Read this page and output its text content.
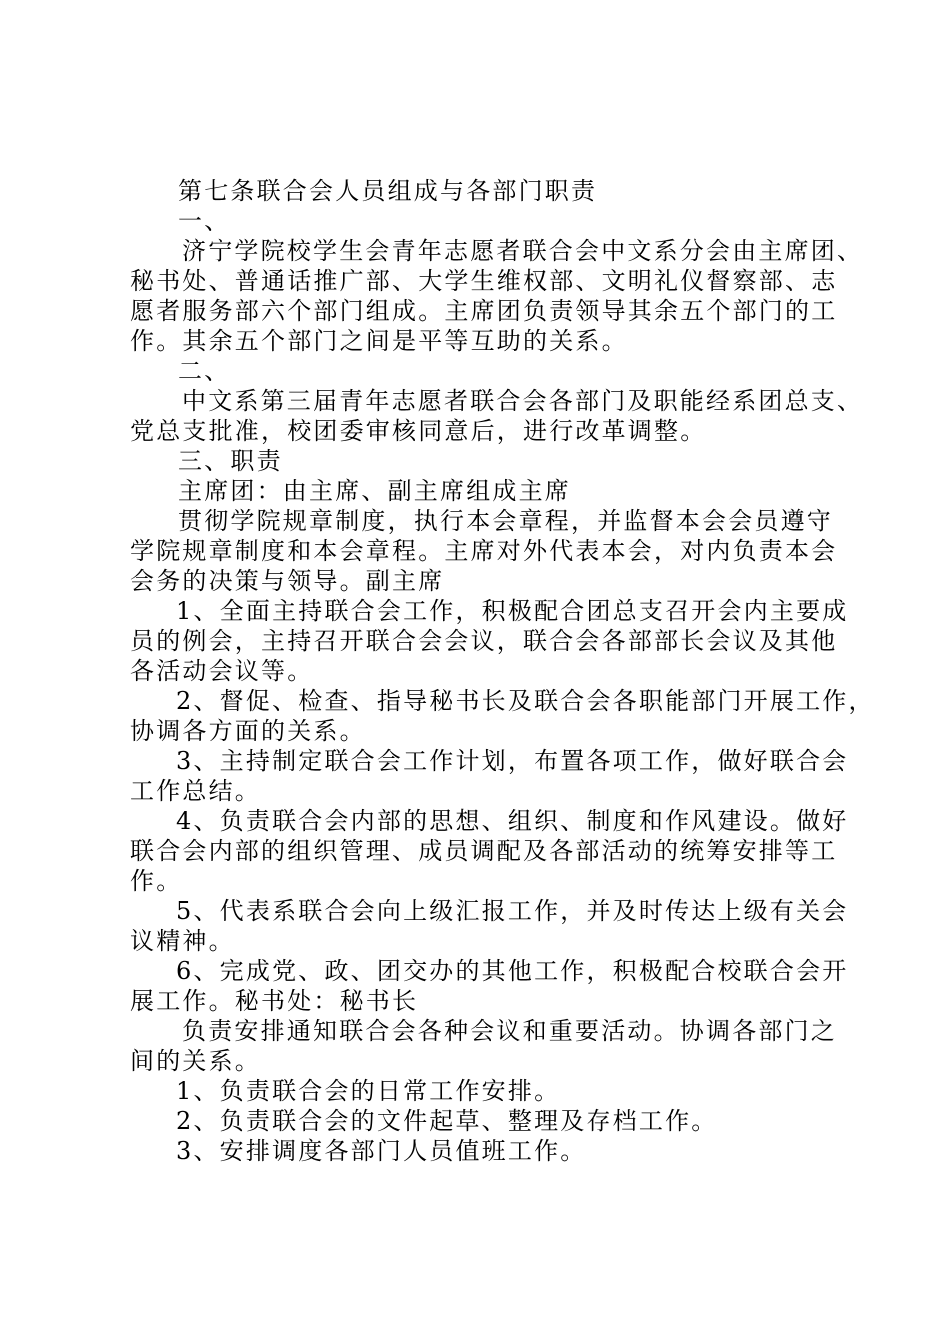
第七条联合会人员组成与各部门职责
一、
济宁学院校学生会青年志愿者联合会中文系分会由主席团、
秘书处、普通话推广部、大学生维权部、文明礼仪督察部、志
愿者服务部六个部门组成。主席团负责领导其余五个部门的工
作。其余五个部门之间是平等互助的关系。
二、
中文系第三届青年志愿者联合会各部门及职能经系团总支、
党总支批准，校团委审核同意后，进行改革调整。
三、职责
主席团：由主席、副主席组成主席
贯彻学院规章制度，执行本会章程，并监督本会会员遵守
学院规章制度和本会章程。主席对外代表本会，对内负责本会
会务的决策与领导。副主席
1、全面主持联合会工作，积极配合团总支召开会内主要成
员的例会，主持召开联合会会议，联合会各部部长会议及其他
各活动会议等。
2、督促、检查、指导秘书长及联合会各职能部门开展工作，
协调各方面的关系。
3、主持制定联合会工作计划，布置各项工作，做好联合会
工作总结。
4、负责联合会内部的思想、组织、制度和作风建设。做好
联合会内部的组织管理、成员调配及各部活动的统筹安排等工
作。
5、代表系联合会向上级汇报工作，并及时传达上级有关会
议精神。
6、完成党、政、团交办的其他工作，积极配合校联合会开
展工作。秘书处：秘书长
负责安排通知联合会各种会议和重要活动。协调各部门之
间的关系。
1、负责联合会的日常工作安排。
2、负责联合会的文件起草、整理及存档工作。
3、安排调度各部门人员值班工作。
